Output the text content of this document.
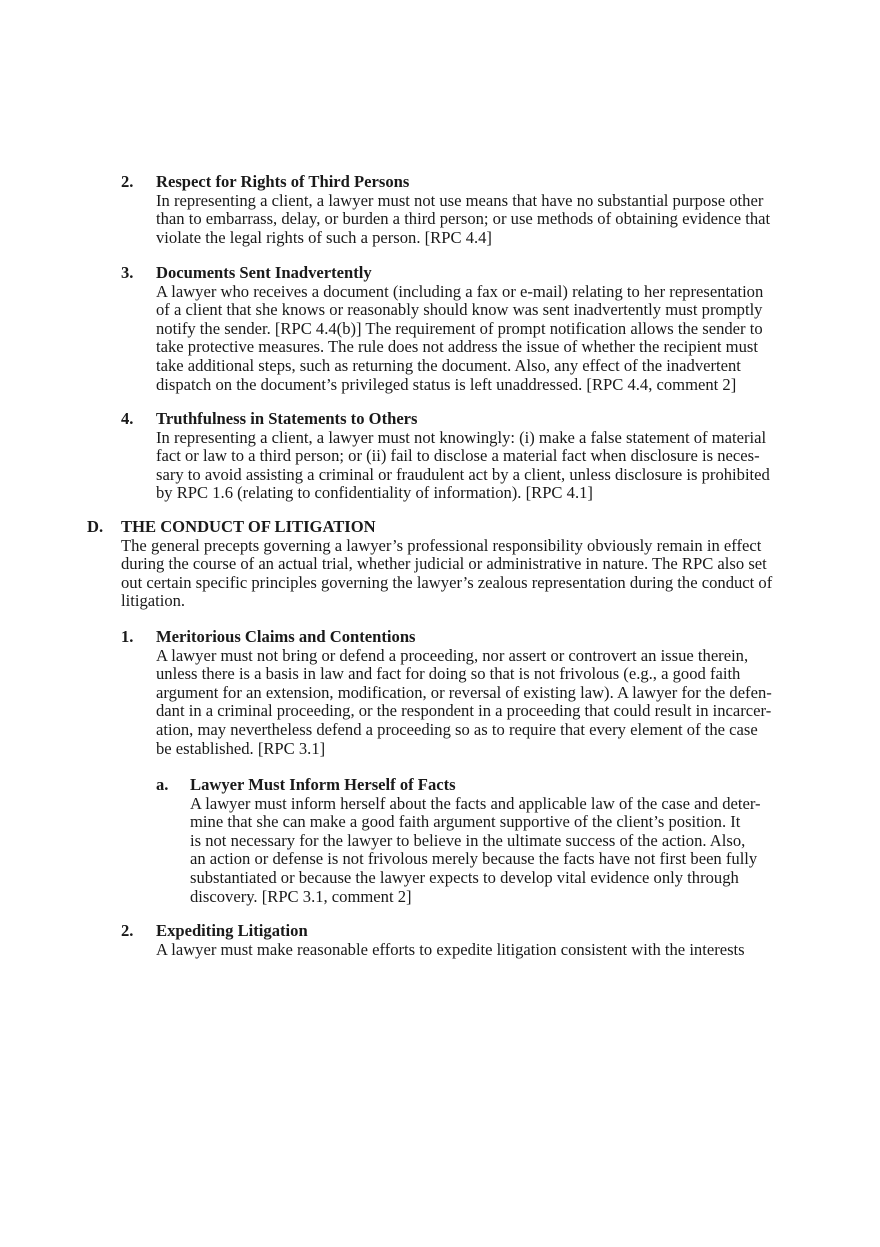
2. Respect for Rights of Third Persons
In representing a client, a lawyer must not use means that have no substantial purpose other
than to embarrass, delay, or burden a third person; or use methods of obtaining evidence that
violate the legal rights of such a person. [RPC 4.4]
3. Documents Sent Inadvertently
A lawyer who receives a document (including a fax or e-mail) relating to her representation
of a client that she knows or reasonably should know was sent inadvertently must promptly
notify the sender. [RPC 4.4(b)] The requirement of prompt notification allows the sender to
take protective measures. The rule does not address the issue of whether the recipient must
take additional steps, such as returning the document. Also, any effect of the inadvertent
dispatch on the document’s privileged status is left unaddressed. [RPC 4.4, comment 2]
4. Truthfulness in Statements to Others
In representing a client, a lawyer must not knowingly: (i) make a false statement of material
fact or law to a third person; or (ii) fail to disclose a material fact when disclosure is neces-
sary to avoid assisting a criminal or fraudulent act by a client, unless disclosure is prohibited
by RPC 1.6 (relating to confidentiality of information). [RPC 4.1]
D. THE CONDUCT OF LITIGATION
The general precepts governing a lawyer’s professional responsibility obviously remain in effect
during the course of an actual trial, whether judicial or administrative in nature. The RPC also set
out certain specific principles governing the lawyer’s zealous representation during the conduct of
litigation.
1. Meritorious Claims and Contentions
A lawyer must not bring or defend a proceeding, nor assert or controvert an issue therein,
unless there is a basis in law and fact for doing so that is not frivolous (e.g., a good faith
argument for an extension, modification, or reversal of existing law). A lawyer for the defen-
dant in a criminal proceeding, or the respondent in a proceeding that could result in incarcer-
ation, may nevertheless defend a proceeding so as to require that every element of the case
be established. [RPC 3.1]
a. Lawyer Must Inform Herself of Facts
A lawyer must inform herself about the facts and applicable law of the case and deter-
mine that she can make a good faith argument supportive of the client’s position. It
is not necessary for the lawyer to believe in the ultimate success of the action. Also,
an action or defense is not frivolous merely because the facts have not first been fully
substantiated or because the lawyer expects to develop vital evidence only through
discovery. [RPC 3.1, comment 2]
2. Expediting Litigation
A lawyer must make reasonable efforts to expedite litigation consistent with the interests
